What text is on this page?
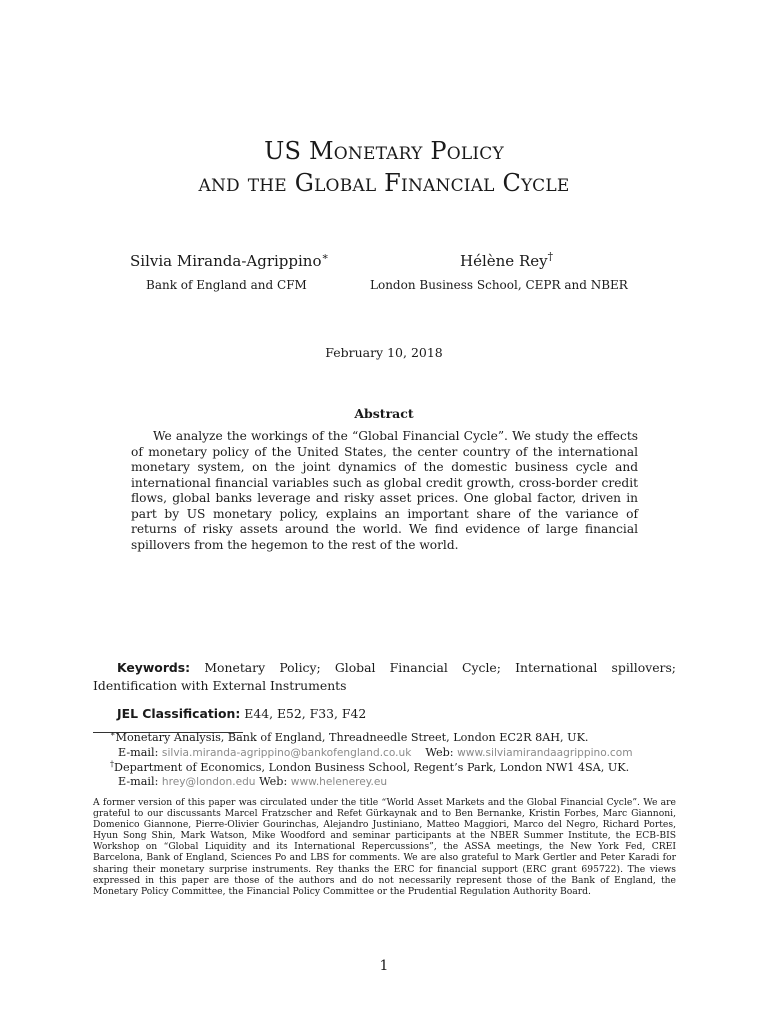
US Monetary Policy
and the Global Financial Cycle
Silvia Miranda-Agrippino∗	Hélène Rey†
Bank of England and CFM	London Business School, CEPR and NBER
February 10, 2018
Abstract
We analyze the workings of the “Global Financial Cycle”. We study the effects of monetary policy of the United States, the center country of the international monetary system, on the joint dynamics of the domestic business cycle and international financial variables such as global credit growth, cross-border credit flows, global banks leverage and risky asset prices. One global factor, driven in part by US monetary policy, explains an important share of the variance of returns of risky assets around the world. We find evidence of large financial spillovers from the hegemon to the rest of the world.
Keywords: Monetary Policy; Global Financial Cycle; International spillovers; Identification with External Instruments
JEL Classification: E44, E52, F33, F42
∗Monetary Analysis, Bank of England, Threadneedle Street, London EC2R 8AH, UK.
E-mail: silvia.miranda-agrippino@bankofengland.co.uk Web: www.silviamirandaagrippino.com
†Department of Economics, London Business School, Regent’s Park, London NW1 4SA, UK.
E-mail: hrey@london.edu Web: www.helenerey.eu
A former version of this paper was circulated under the title “World Asset Markets and the Global Financial Cycle”. We are grateful to our discussants Marcel Fratzscher and Refet Gürkaynak and to Ben Bernanke, Kristin Forbes, Marc Giannoni, Domenico Giannone, Pierre-Olivier Gourinchas, Alejandro Justiniano, Matteo Maggiori, Marco del Negro, Richard Portes, Hyun Song Shin, Mark Watson, Mike Woodford and seminar participants at the NBER Summer Institute, the ECB-BIS Workshop on “Global Liquidity and its International Repercussions”, the ASSA meetings, the New York Fed, CREI Barcelona, Bank of England, Sciences Po and LBS for comments. We are also grateful to Mark Gertler and Peter Karadi for sharing their monetary surprise instruments. Rey thanks the ERC for financial support (ERC grant 695722). The views expressed in this paper are those of the authors and do not necessarily represent those of the Bank of England, the Monetary Policy Committee, the Financial Policy Committee or the Prudential Regulation Authority Board.
1
